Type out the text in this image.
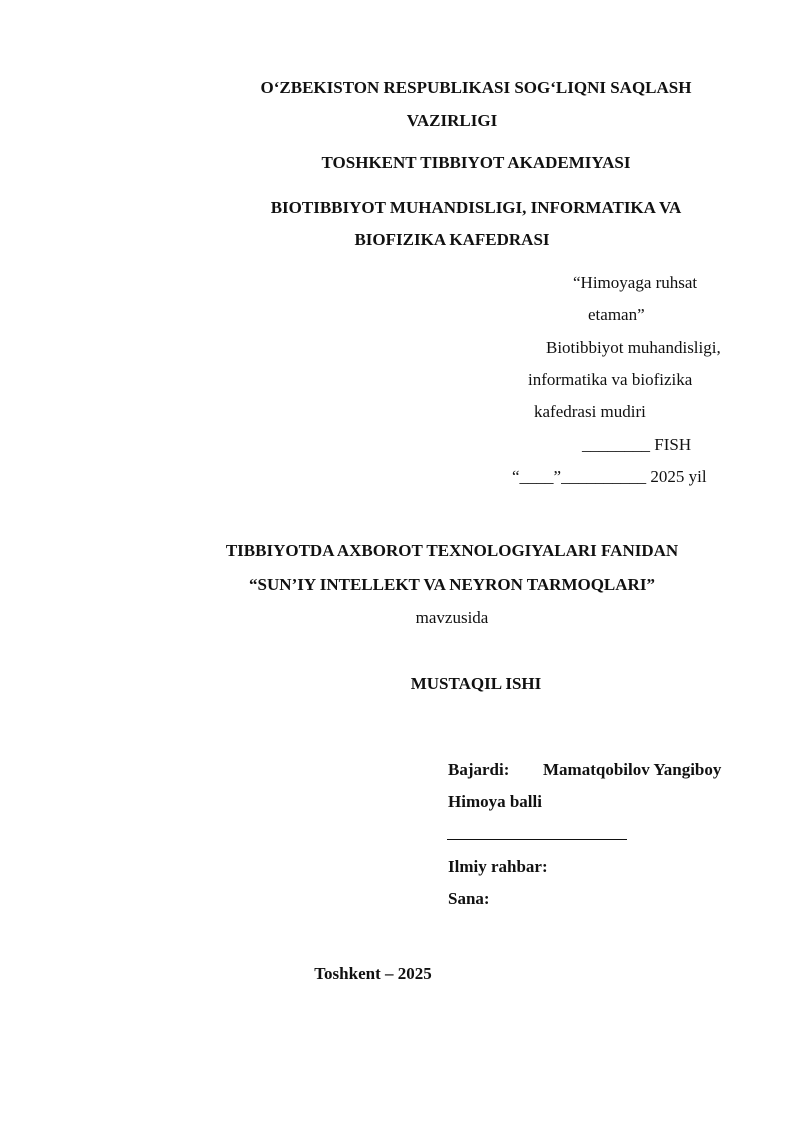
O‘ZBEKISTON RESPUBLIKASI SOG‘LIQNI SAQLASH
VAZIRLIGI
TOSHKENT TIBBIYOT AKADEMIYASI
BIOTIBBIYOT MUHANDISLIGI, INFORMATIKA VA
BIOFIZIKA KAFEDRASI
“Himoyaga ruhsat
etaman”
Biotibbiyot muhandisligi,
informatika va biofizika
kafedrasi mudiri
________ FISH
“____”__________ 2025 yil
TIBBIYOTDA AXBOROT TEXNOLOGIYALARI FANIDAN
“SUN’IY INTELLEKT VA NEYRON TARMOQLARI”
mavzusida
MUSTAQIL ISHI
Bajardi: Mamatqobilov Yangiboy
Himoya balli
Ilmiy rahbar:
Sana:
Toshkent – 2025
